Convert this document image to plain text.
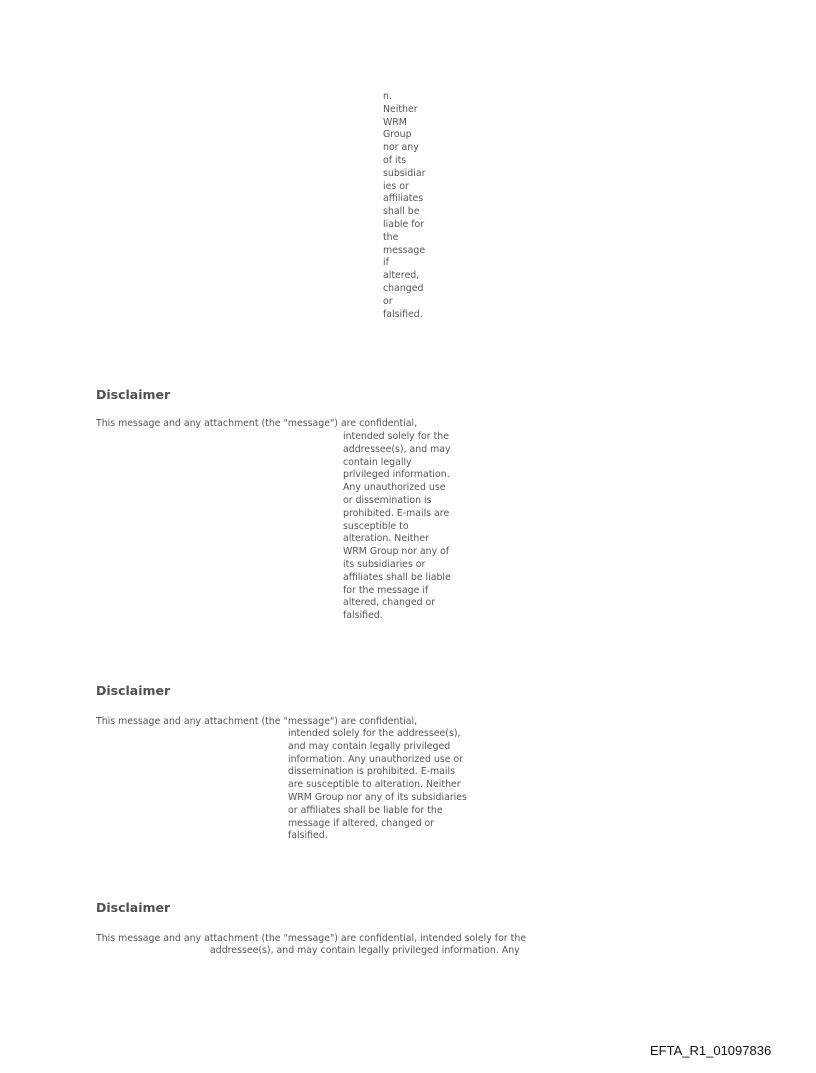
n.
Neither
WRM
Group
nor any
of its
subsidiar
ies or
affiliates
shall be
liable for
the
message
if
altered,
changed
or
falsified.
Disclaimer
This message and any attachment (the "message") are confidential,
intended solely for the
addressee(s), and may
contain legally
privileged information.
Any unauthorized use
or dissemination is
prohibited. E-mails are
susceptible to
alteration. Neither
WRM Group nor any of
its subsidiaries or
affiliates shall be liable
for the message if
altered, changed or
falsified.
Disclaimer
This message and any attachment (the "message") are confidential,
intended solely for the addressee(s),
and may contain legally privileged
information. Any unauthorized use or
dissemination is prohibited. E-mails
are susceptible to alteration. Neither
WRM Group nor any of its subsidiaries
or affiliates shall be liable for the
message if altered, changed or
falsified.
Disclaimer
This message and any attachment (the "message") are confidential, intended solely for the
addressee(s), and may contain legally privileged information. Any
EFTA_R1_01097836
